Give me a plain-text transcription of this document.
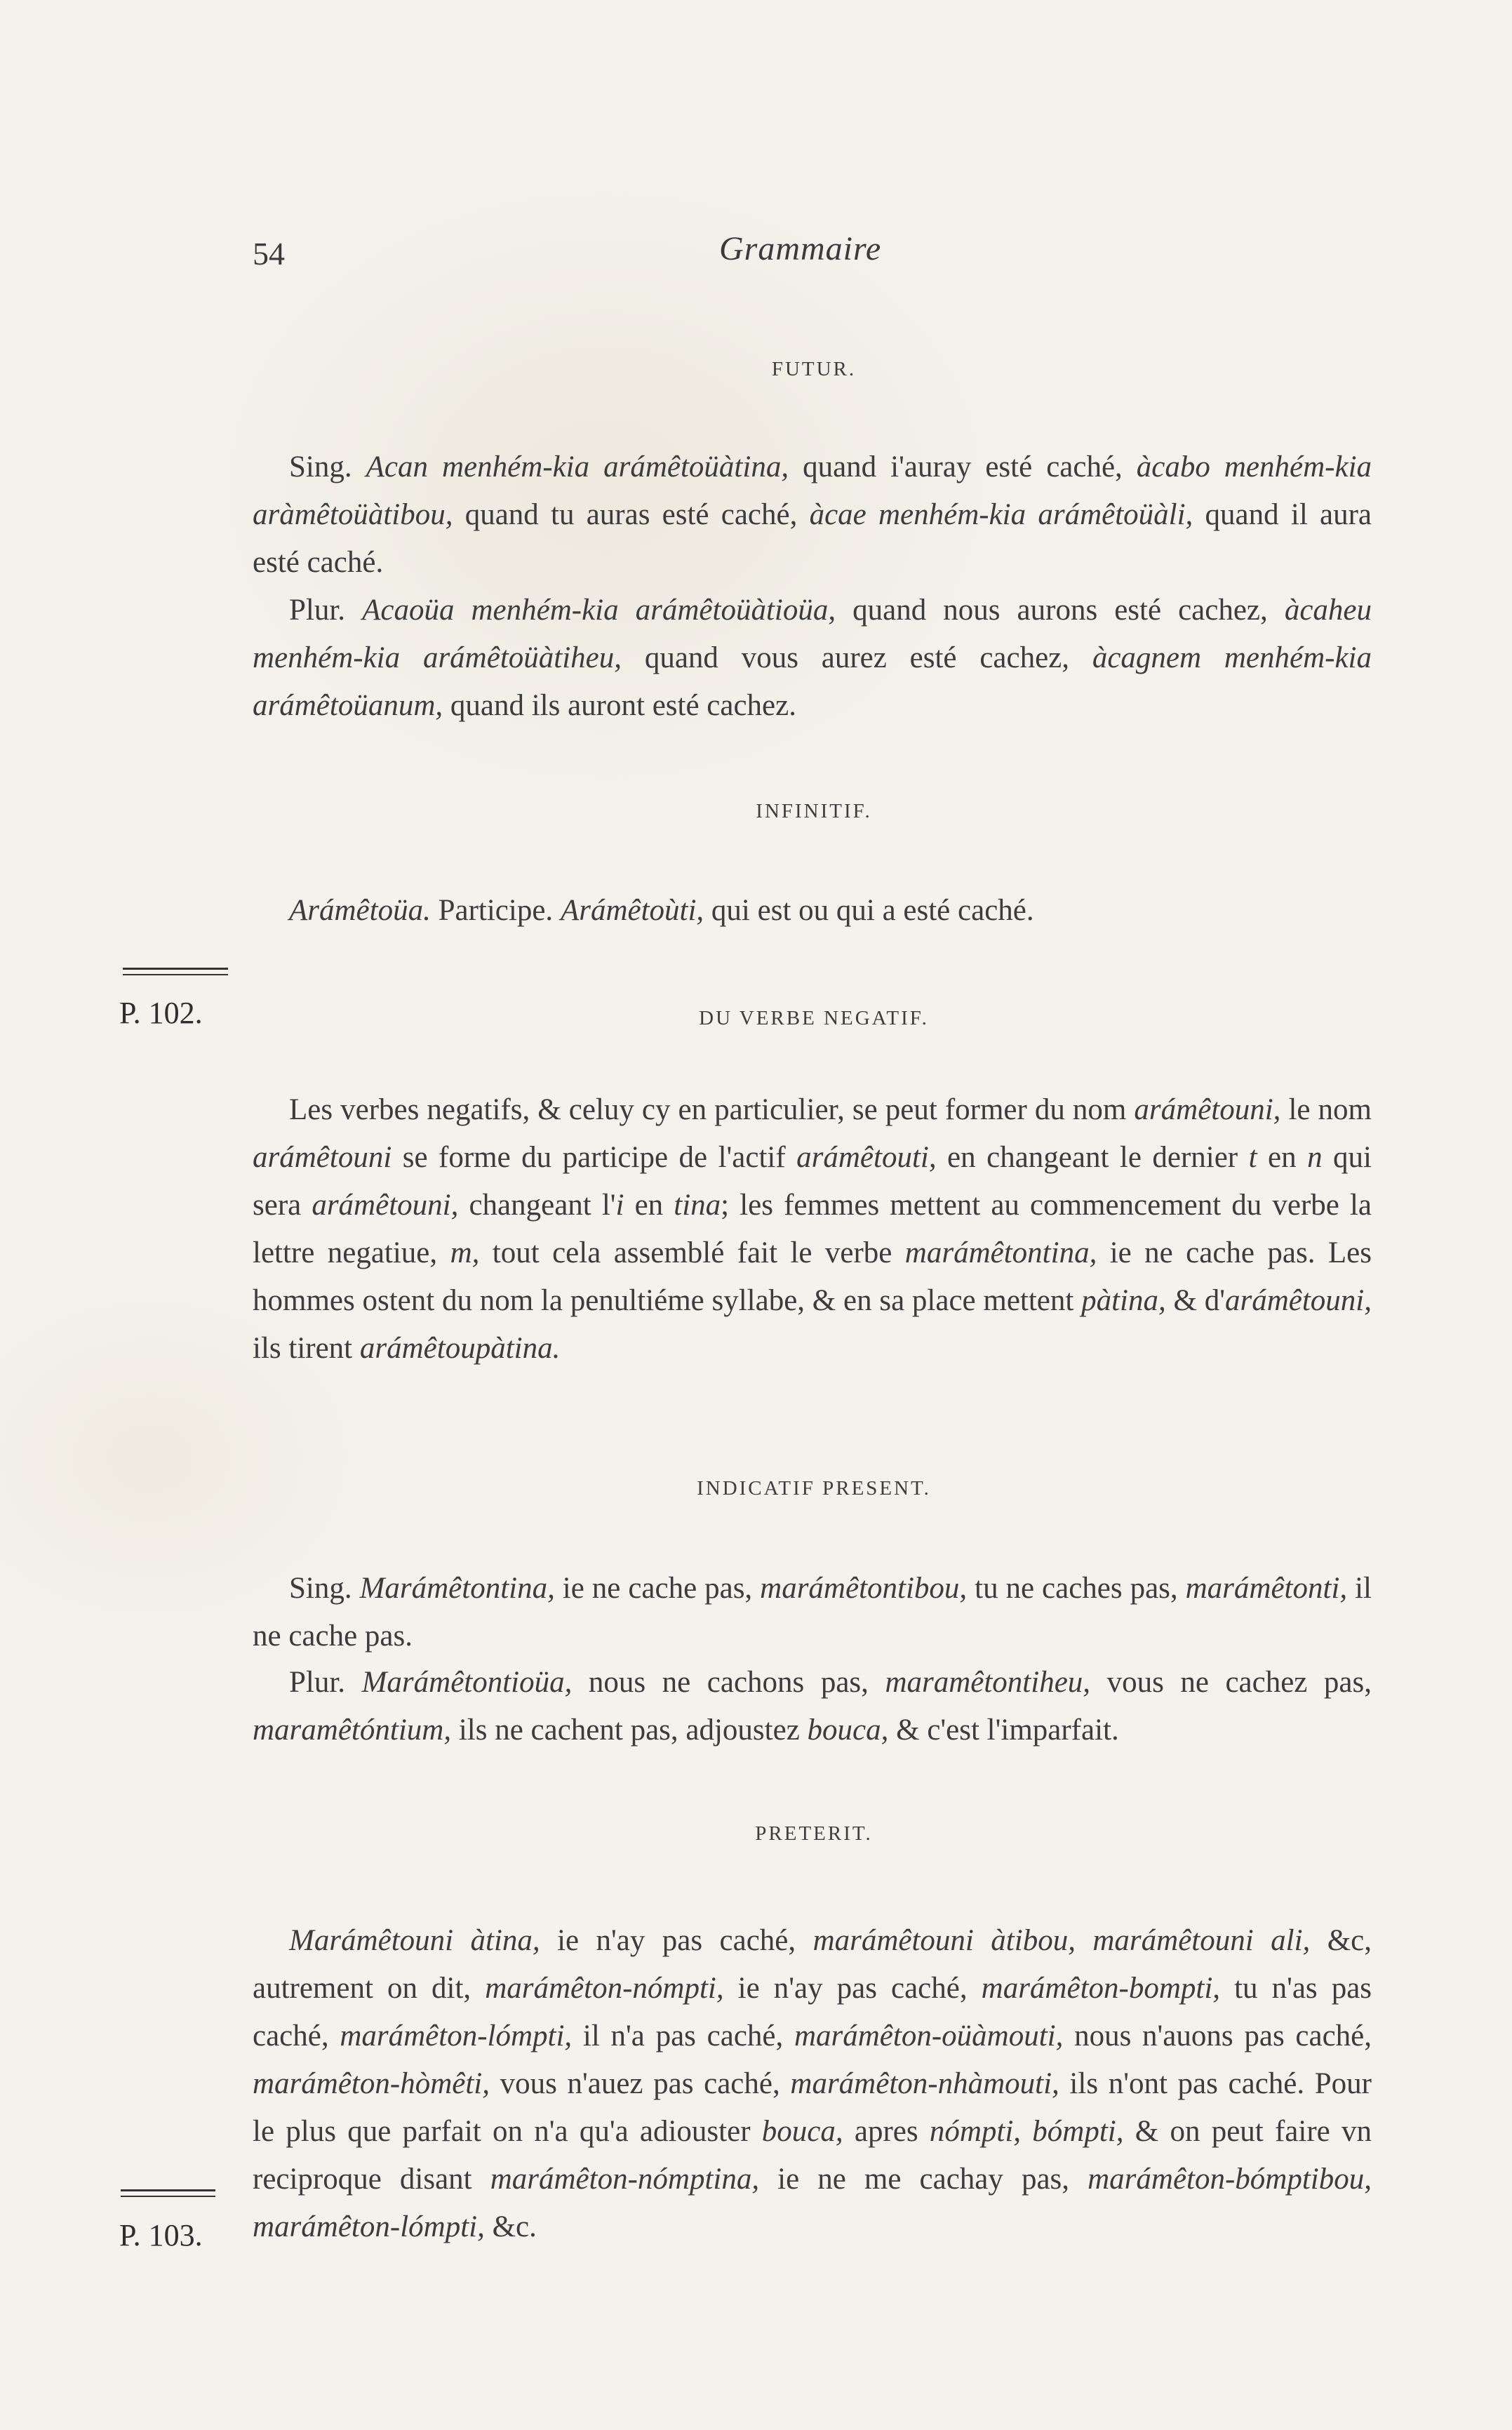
54	Grammaire
FUTUR.

Sing. Acan menhém-kia arámêtoüàtina, quand i'auray esté caché, àcabo menhém-kia aràmêtoüàtibou, quand tu auras esté caché, àcae menhém-kia arámêtoüàli, quand il aura esté caché.

Plur. Acaoüa menhém-kia arámêtoüàtioüa, quand nous aurons esté cachez, àcaheu menhém-kia arámêtoüàtiheu, quand vous aurez esté cachez, àcagnem menhém-kia arámêtoüanum, quand ils auront esté cachez.

INFINITIF.

Arámêtoüa. Participe. Arámêtoùti, qui est ou qui a esté caché.

P. 102.	DU VERBE NEGATIF.

Les verbes negatifs, & celuy cy en particulier, se peut former du nom arámêtouni, le nom arámêtouni se forme du participe de l'actif arámêtouti, en changeant le dernier t en n qui sera arámêtouni, changeant l'i en tina; les femmes mettent au commencement du verbe la lettre negatiue, m, tout cela assemblé fait le verbe marámêtontina, ie ne cache pas. Les hommes ostent du nom la penultiéme syllabe, & en sa place mettent pàtina, & d'arámêtouni, ils tirent arámêtoupàtina.

INDICATIF PRESENT.

Sing. Marámêtontina, ie ne cache pas, marámêtontibou, tu ne caches pas, marámêtonti, il ne cache pas.

Plur. Marámêtontioüa, nous ne cachons pas, maramêtontiheu, vous ne cachez pas, maramêtóntium, ils ne cachent pas, adjoustez bouca, & c'est l'imparfait.

PRETERIT.

Marámêtouni àtina, ie n'ay pas caché, marámêtouni àtibou, marámêtouni ali, &c, autrement on dit, marámêton-nómpti, ie n'ay pas caché, marámêton-bompti, tu n'as pas caché, marámêton-lómpti, il n'a pas caché, marámêton-oüàmouti, nous n'auons pas caché, marámêton-hòmêti, vous n'auez pas caché, marámêton-nhàmouti, ils n'ont pas caché. Pour le plus que parfait on n'a qu'a adiouster bouca, apres nómpti, bómpti, & on peut faire vn reciproque disant marámêton-nómptina, ie ne me cachay pas, marámêton-bómptibou, marámêton-lómpti, &c.

P. 103.
